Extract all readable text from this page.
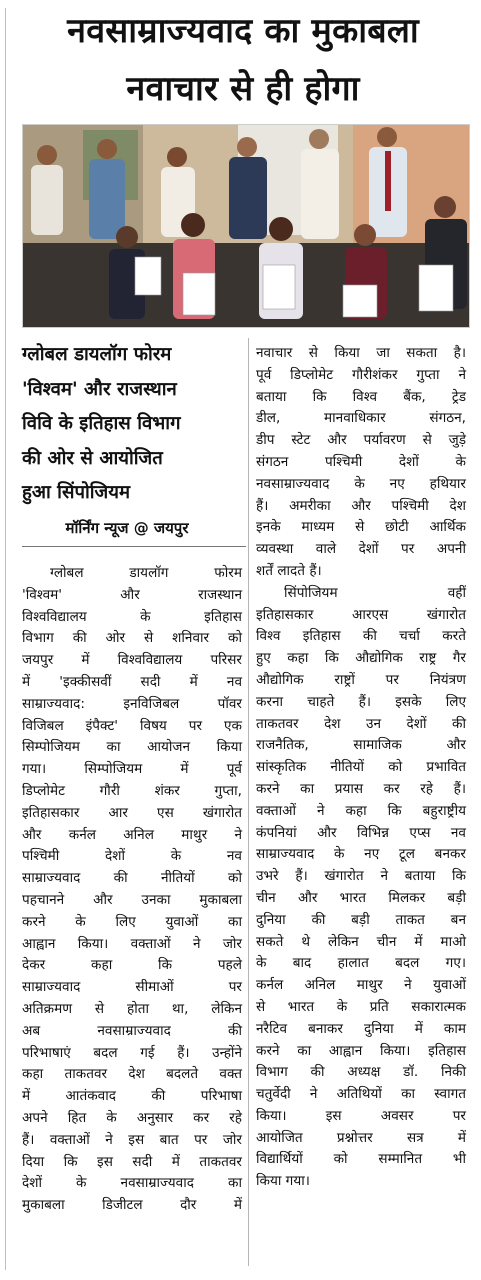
नवसाम्राज्यवाद का मुकाबला
नवाचार से ही होगा
ग्लोबल डायलॉग फोरम
'विश्वम' और राजस्थान
विवि के इतिहास विभाग
की ओर से आयोजित
हुआ सिंपोजियम
मॉर्निंग न्यूज @ जयपुर

ग्लोबल डायलॉग फोरम

'विश्वम' और राजस्थान

विश्वविद्यालय के इतिहास

विभाग की ओर से शनिवार को

जयपुर में विश्वविद्यालय परिसर

में 'इक्कीसवीं सदी में नव

साम्राज्यवाद: इनविजिबल पॉवर

विजिबल इंपैक्ट' विषय पर एक

सिम्पोजियम का आयोजन किया

गया। सिम्पोजियम में पूर्व

डिप्लोमेट गौरी शंकर गुप्ता,

इतिहासकार आर एस खंगारोत

और कर्नल अनिल माथुर ने

पश्चिमी देशों के नव

साम्राज्यवाद की नीतियों को

पहचानने और उनका मुकाबला

करने के लिए युवाओं का

आह्वान किया। वक्ताओं ने जोर

देकर कहा कि पहले

साम्राज्यवाद सीमाओं पर

अतिक्रमण से होता था, लेकिन

अब नवसाम्राज्यवाद की

परिभाषाएं बदल गई हैं। उन्होंने

कहा ताकतवर देश बदलते वक्त

में आतंकवाद की परिभाषा

अपने हित के अनुसार कर रहे

हैं। वक्ताओं ने इस बात पर जोर

दिया कि इस सदी में ताकतवर

देशों के नवसाम्राज्यवाद का

मुकाबला डिजीटल दौर में

नवाचार से किया जा सकता है।

पूर्व डिप्लोमेट गौरीशंकर गुप्ता ने

बताया कि विश्व बैंक, ट्रेड

डील, मानवाधिकार संगठन,

डीप स्टेट और पर्यावरण से जुड़े

संगठन पश्चिमी देशों के

नवसाम्राज्यवाद के नए हथियार

हैं। अमरीका और पश्चिमी देश

इनके माध्यम से छोटी आर्थिक

व्यवस्था वाले देशों पर अपनी

शर्तें लादते हैं।

सिंपोजियम वहीं

इतिहासकार आरएस खंगारोत

विश्व इतिहास की चर्चा करते

हुए कहा कि औद्योगिक राष्ट्र गैर

औद्योगिक राष्ट्रों पर नियंत्रण

करना चाहते हैं। इसके लिए

ताकतवर देश उन देशों की

राजनैतिक, सामाजिक और

सांस्कृतिक नीतियों को प्रभावित

करने का प्रयास कर रहे हैं।

वक्ताओं ने कहा कि बहुराष्ट्रीय

कंपनियां और विभिन्न एप्स नव

साम्राज्यवाद के नए टूल बनकर

उभरे हैं। खंगारोत ने बताया कि

चीन और भारत मिलकर बड़ी

दुनिया की बड़ी ताकत बन

सकते थे लेकिन चीन में माओ

के बाद हालात बदल गए।

कर्नल अनिल माथुर ने युवाओं

से भारत के प्रति सकारात्मक

नरैटिव बनाकर दुनिया में काम

करने का आह्वान किया। इतिहास

विभाग की अध्यक्ष डॉ. निकी

चतुर्वेदी ने अतिथियों का स्वागत

किया। इस अवसर पर

आयोजित प्रश्नोत्तर सत्र में

विद्यार्थियों को सम्मानित भी

किया गया।
